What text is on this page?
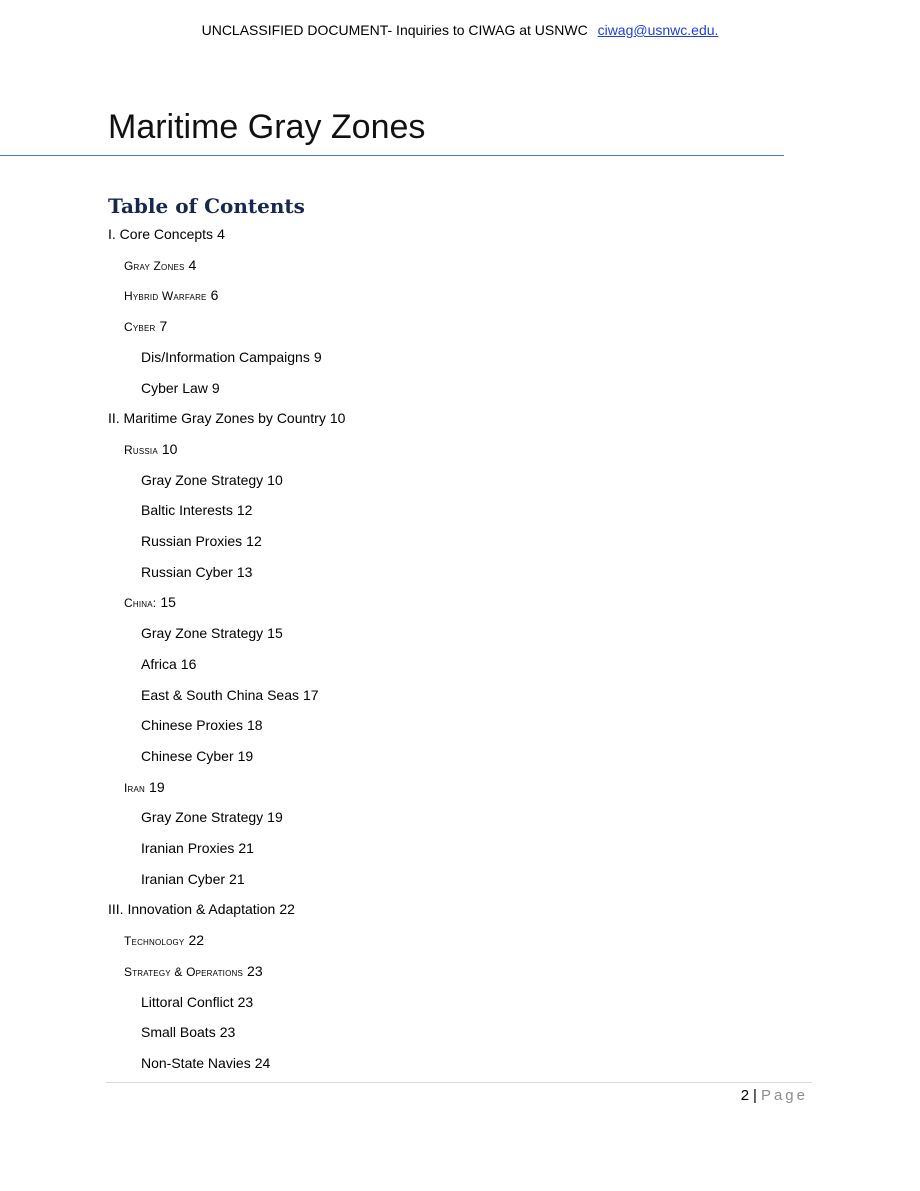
UNCLASSIFIED DOCUMENT- Inquiries to CIWAG at USNWC ciwag@usnwc.edu.
Maritime Gray Zones
Table of Contents
I. Core Concepts 4
Gray Zones 4
Hybrid Warfare 6
Cyber 7
Dis/Information Campaigns 9
Cyber Law 9
II. Maritime Gray Zones by Country 10
Russia 10
Gray Zone Strategy 10
Baltic Interests 12
Russian Proxies 12
Russian Cyber 13
China: 15
Gray Zone Strategy 15
Africa 16
East & South China Seas 17
Chinese Proxies 18
Chinese Cyber 19
Iran 19
Gray Zone Strategy 19
Iranian Proxies 21
Iranian Cyber 21
III. Innovation & Adaptation 22
Technology 22
Strategy & Operations 23
Littoral Conflict 23
Small Boats 23
Non-State Navies 24
2 | Page
